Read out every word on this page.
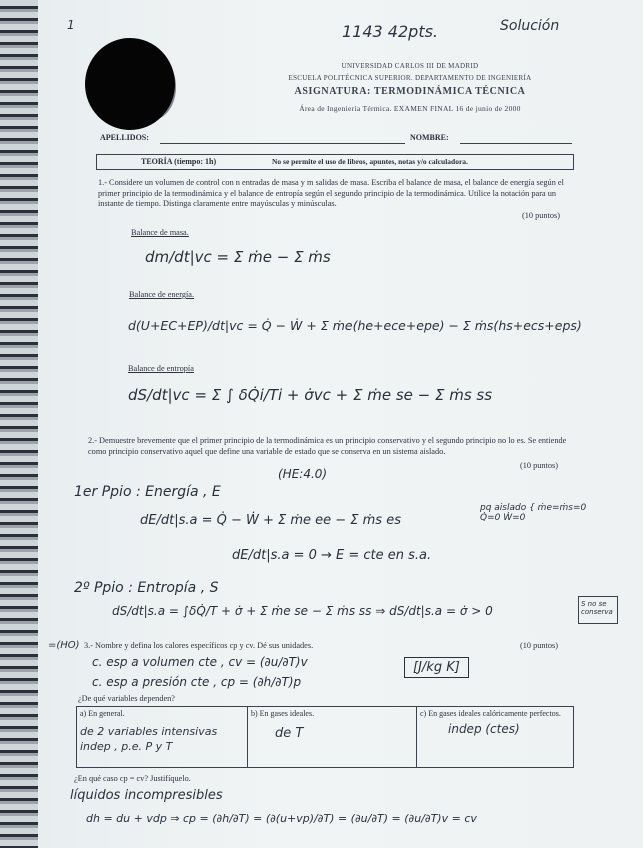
1	1143 42pts.	Solución
UNIVERSIDAD CARLOS III DE MADRID
ESCUELA POLITÉCNICA SUPERIOR. DEPARTAMENTO DE INGENIERÍA
ASIGNATURA: TERMODINÁMICA TÉCNICA
Área de Ingeniería Térmica. EXAMEN FINAL 16 de junio de 2000
APELLIDOS:	NOMBRE:
TEORÍA (tiempo: 1h)	No se permite el uso de libros, apuntes, notas y/o calculadora.
1.- Considere un volumen de control con n entradas de masa y m salidas de masa. Escriba el balance de masa, el balance de energía según el primer principio de la termodinámica y el balance de entropía según el segundo principio de la termodinámica. Utilice la notación para un instante de tiempo. Distinga claramente entre mayúsculas y minúsculas.
(10 puntos)
Balance de masa.
dm/dt|vc = Σ ṁe − Σ ṁs
Balance de energía.
d(U+EC+EP)/dt|vc = Q̇ − Ẇ + Σ ṁe(he+ece+epe) − Σ ṁs(hs+ecs+eps)
Balance de entropía
dS/dt|vc = Σ ∫ δQ̇i/Ti + σ̇vc + Σ ṁe se − Σ ṁs ss
2.- Demuestre brevemente que el primer principio de la termodinámica es un principio conservativo y el segundo principio no lo es. Se entiende como principio conservativo aquel que define una variable de estado que se conserva en un sistema aislado.
(10 puntos)
(HE:4.0)
1er Ppio : Energía , E
dE/dt|s.a = Q̇ − Ẇ + Σ ṁe ee − Σ ṁs es
pq aislado { ṁe=ṁs=0 Q̇=0 Ẇ=0
dE/dt|s.a = 0 → E = cte en s.a.
2º Ppio : Entropía , S
dS/dt|s.a = ∫δQ̇/T + σ̇ + Σ ṁe se − Σ ṁs ss ⇒ dS/dt|s.a = σ̇ > 0	S no se conserva
=(HO) 3.- Nombre y defina los calores específicos cp y cv. Dé sus unidades.	(10 puntos)
c. esp a volumen cte , cv = (∂u/∂T)v
c. esp a presión cte , cp = (∂h/∂T)p
[J/kg K]
¿De qué variables dependen?
a) En general.
de 2 variables intensivas indep , p.e. P y T

b) En gases ideales.
de T

c) En gases ideales calóricamente perfectos.
indep (ctes)
¿En qué caso cp = cv? Justifíquelo.
líquidos incompresibles
dh = du + vdp ⇒ cp = (∂h/∂T) = (∂(u+vp)/∂T) = (∂u/∂T) = (∂u/∂T)v = cv
